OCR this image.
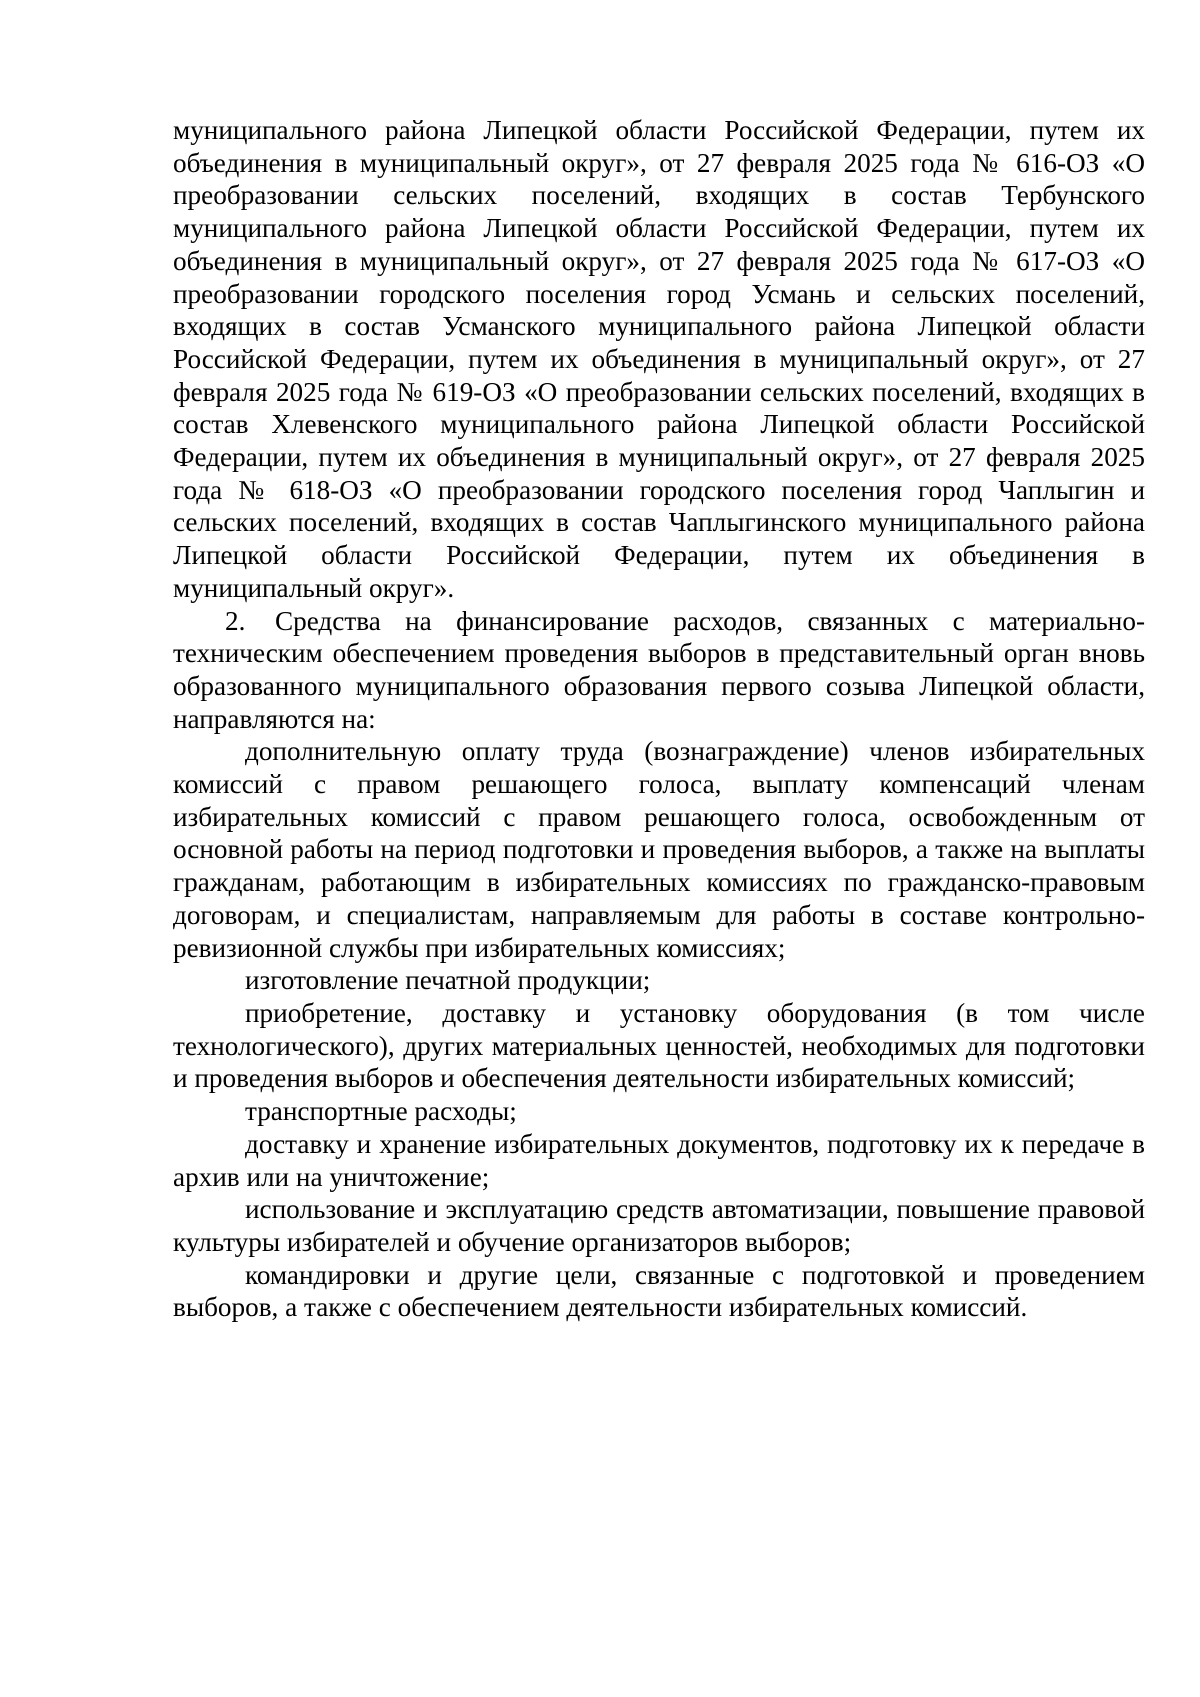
муниципального района Липецкой области Российской Федерации, путем их объединения в муниципальный округ», от 27 февраля 2025 года № 616-ОЗ «О преобразовании сельских поселений, входящих в состав Тербунского муниципального района Липецкой области Российской Федерации, путем их объединения в муниципальный округ», от 27 февраля 2025 года № 617-ОЗ «О преобразовании городского поселения город Усмань и сельских поселений, входящих в состав Усманского муниципального района Липецкой области Российской Федерации, путем их объединения в муниципальный округ», от 27 февраля 2025 года № 619-ОЗ «О преобразовании сельских поселений, входящих в состав Хлевенского муниципального района Липецкой области Российской Федерации, путем их объединения в муниципальный округ», от 27 февраля 2025 года № 618-ОЗ «О преобразовании городского поселения город Чаплыгин и сельских поселений, входящих в состав Чаплыгинского муниципального района Липецкой области Российской Федерации, путем их объединения в муниципальный округ».

2. Средства на финансирование расходов, связанных с материально-техническим обеспечением проведения выборов в представительный орган вновь образованного муниципального образования первого созыва Липецкой области, направляются на:

дополнительную оплату труда (вознаграждение) членов избирательных комиссий с правом решающего голоса, выплату компенсаций членам избирательных комиссий с правом решающего голоса, освобожденным от основной работы на период подготовки и проведения выборов, а также на выплаты гражданам, работающим в избирательных комиссиях по гражданско-правовым договорам, и специалистам, направляемым для работы в составе контрольно-ревизионной службы при избирательных комиссиях;

изготовление печатной продукции;

приобретение, доставку и установку оборудования (в том числе технологического), других материальных ценностей, необходимых для подготовки и проведения выборов и обеспечения деятельности избирательных комиссий;

транспортные расходы;

доставку и хранение избирательных документов, подготовку их к передаче в архив или на уничтожение;

использование и эксплуатацию средств автоматизации, повышение правовой культуры избирателей и обучение организаторов выборов;

командировки и другие цели, связанные с подготовкой и проведением выборов, а также с обеспечением деятельности избирательных комиссий.
